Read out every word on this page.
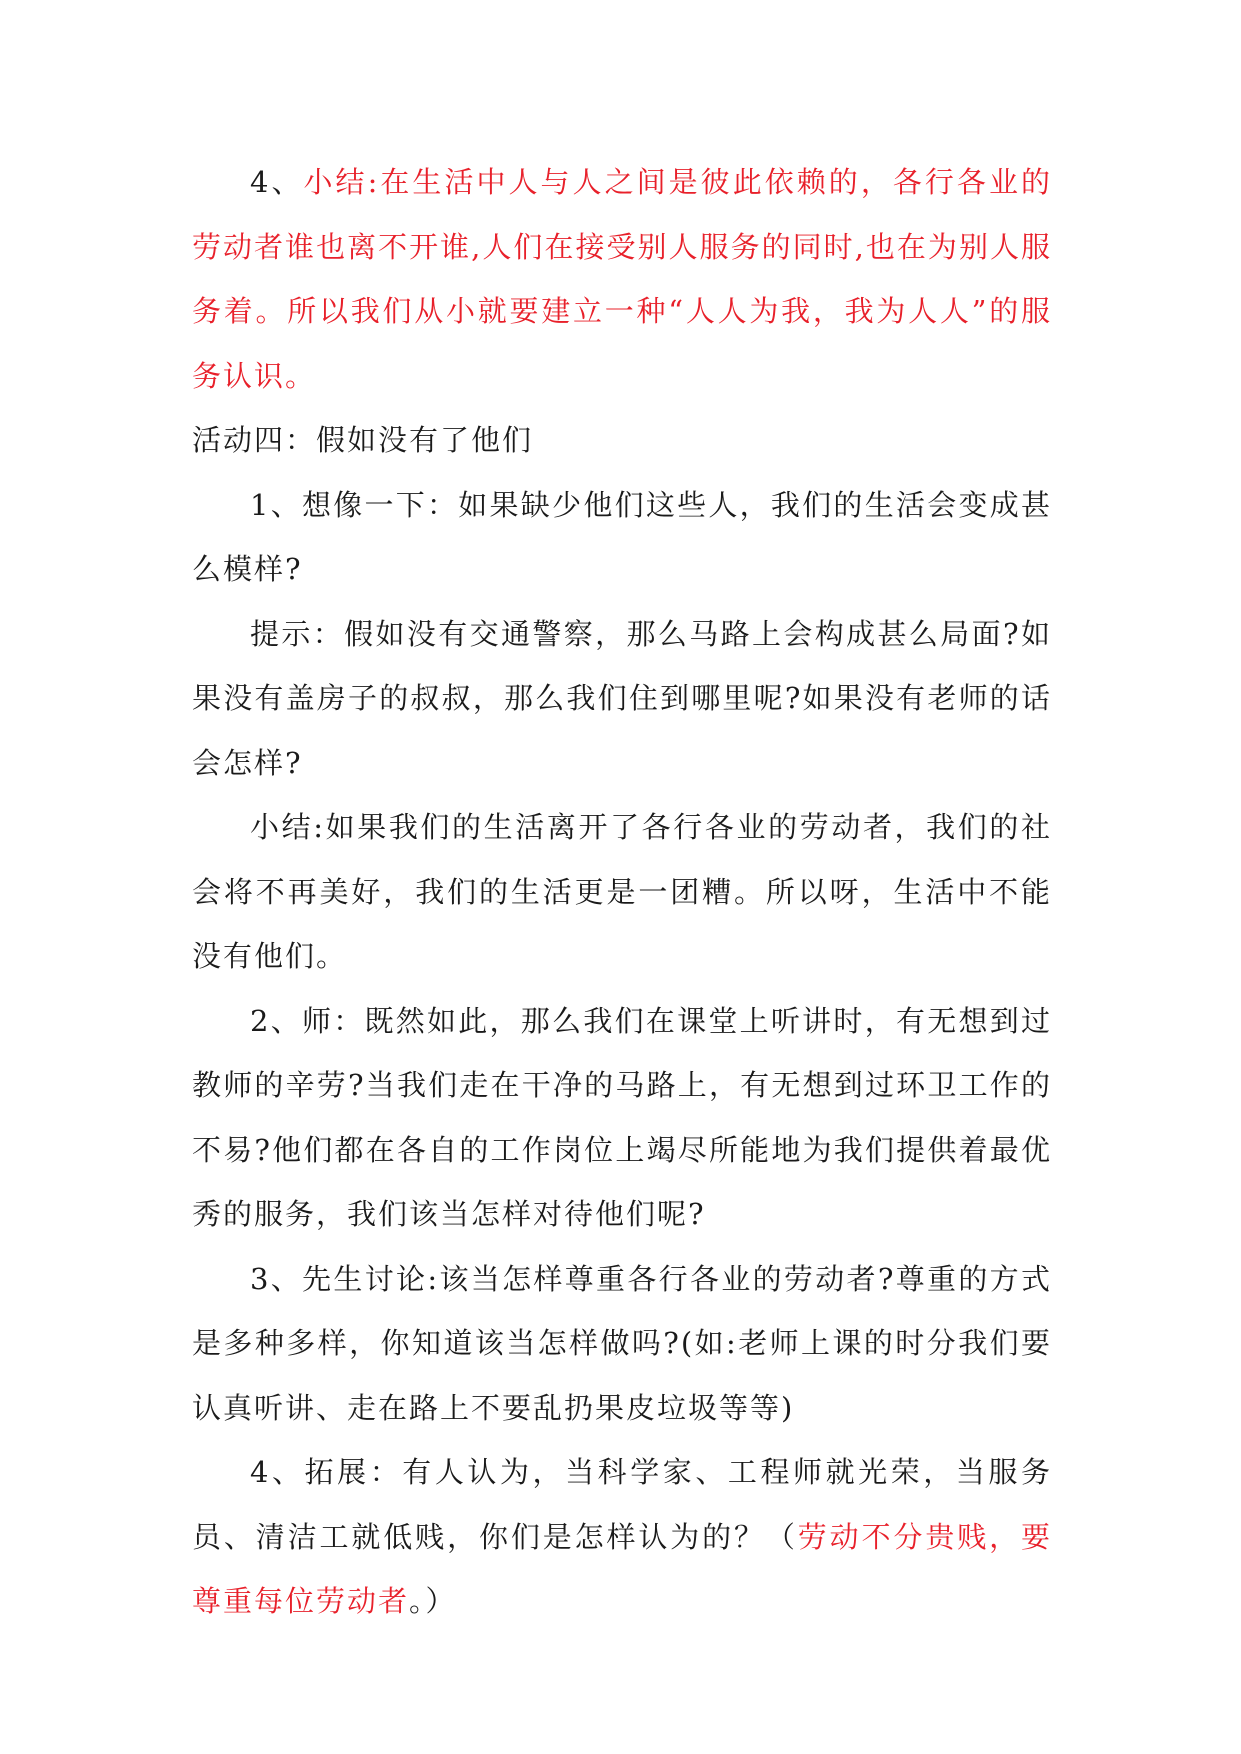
4、小结:在生活中人与人之间是彼此依赖的，各行各业的劳动者谁也离不开谁,人们在接受别人服务的同时,也在为别人服务着。所以我们从小就要建立一种“人人为我，我为人人”的服务认识。

活动四：假如没有了他们

1、想像一下：如果缺少他们这些人，我们的生活会变成甚么模样?

提示：假如没有交通警察，那么马路上会构成甚么局面?如果没有盖房子的叔叔，那么我们住到哪里呢?如果没有老师的话会怎样?

小结:如果我们的生活离开了各行各业的劳动者，我们的社会将不再美好，我们的生活更是一团糟。所以呀，生活中不能没有他们。

2、师：既然如此，那么我们在课堂上听讲时，有无想到过教师的辛劳?当我们走在干净的马路上，有无想到过环卫工作的不易?他们都在各自的工作岗位上竭尽所能地为我们提供着最优秀的服务，我们该当怎样对待他们呢?

3、先生讨论:该当怎样尊重各行各业的劳动者?尊重的方式是多种多样，你知道该当怎样做吗?(如:老师上课的时分我们要认真听讲、走在路上不要乱扔果皮垃圾等等)

4、拓展：有人认为，当科学家、工程师就光荣，当服务员、清洁工就低贱，你们是怎样认为的？（劳动不分贵贱，要尊重每位劳动者。）
